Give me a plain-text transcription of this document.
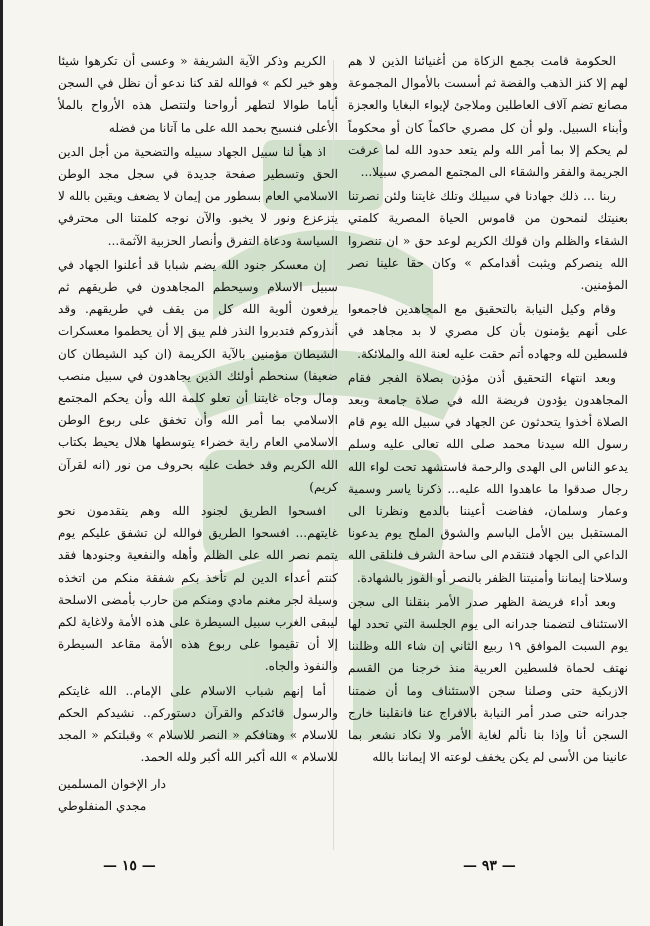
الحكومة قامت بجمع الزكاة من أغنيائنا الذين لا هم لهم إلا كنز الذهب والفضة ثم أسست بالأموال المجموعة مصانع تضم آلاف العاطلين وملاجئ لإيواء البغايا والعجزة وأبناء السبيل. ولو أن كل مصري حاكماً كان أو محكوماً لم يحكم إلا بما أمر الله ولم يتعد حدود الله لما عرفت الجريمة والفقر والشقاء الى المجتمع المصري سبيلا...

ربنا ... ذلك جهادنا في سبيلك وتلك غايتنا ولئن نصرتنا بعنيتك لنمحون من قاموس الحياة المصرية كلمتي الشقاء والظلم وان قولك الكريم لوعد حق « ان تنصروا الله ينصركم ويثبت أقدامكم » وكان حقا علينا نصر المؤمنين.

وقام وكيل النيابة بالتحقيق مع المجاهدين فاجمعوا على أنهم يؤمنون بأن كل مصري لا بد مجاهد في فلسطين لله وجهاده أتم حقت عليه لعنة الله والملائكة.

وبعد انتهاء التحقيق أذن مؤذن بصلاة الفجر فقام المجاهدون يؤدون فريضة الله في صلاة جامعة وبعد الصلاة أخذوا يتحدثون عن الجهاد في سبيل الله يوم قام رسول الله سيدنا محمد صلى الله تعالى عليه وسلم يدعو الناس الى الهدى والرحمة فاستشهد تحت لواء الله رجال صدقوا ما عاهدوا الله عليه... ذكرنا ياسر وسمية وعمار وسلمان، ففاضت أعيننا بالدمع ونظرنا الى المستقبل بين الأمل الباسم والشوق الملح يوم يدعونا الداعي الى الجهاد فنتقدم الى ساحة الشرف فلنلقى الله وسلاحنا إيماننا وأمنيتنا الظفر بالنصر أو الفوز بالشهادة.

وبعد أداء فريضة الظهر صدر الأمر بنقلنا الى سجن الاستئناف لتضمنا جدرانه الى يوم الجلسة التي تحدد لها يوم السبت الموافق ١٩ ربيع الثاني إن شاء الله وظلننا نهتف لحماة فلسطين العربية منذ خرجنا من القسم الازبكية حتى وصلنا سجن الاستئناف وما أن ضمتنا جدرانه حتى صدر أمر النيابة بالافراج عنا فانقلبنا خارج السجن أنا وإذا بنا نألم لغاية الأمر ولا نكاد نشعر بما عانينا من الأسى لم يكن يخفف لوعته الا إيماننا بالله

الكريم وذكر الآية الشريفة « وعسى أن تكرهوا شيئا وهو خير لكم » فوالله لقد كنا ندعو أن نظل في السجن أياما طوالا لتطهر أرواحنا ولتتصل هذه الأرواح بالملأ الأعلى فنسبح بحمد الله على ما آتانا من فضله

اذ هيأ لنا سبيل الجهاد سبيله والتضحية من أجل الدين الحق وتسطير صفحة جديدة في سجل مجد الوطن الاسلامي العام بسطور من إيمان لا يضعف ويقين بالله لا يتزعزع ونور لا يخبو. والآن نوجه كلمتنا الى محترفي السياسة ودعاة التفرق وأنصار الحزبية الآثمة...

إن معسكر جنود الله يضم شبابا قد أعلنوا الجهاد في سبيل الاسلام وسيحطم المجاهدون في طريقهم ثم يرفعون ألوية الله كل من يقف في طريقهم. وقد أنذروكم فتدبروا النذر فلم يبق إلا أن يحطموا معسكرات الشيطان مؤمنين بالآية الكريمة (ان كيد الشيطان كان ضعيفا) سنحطم أولئك الذين يجاهدون في سبيل منصب ومال وجاه غايتنا أن تعلو كلمة الله وأن يحكم المجتمع الاسلامي بما أمر الله وأن تخفق على ربوع الوطن الاسلامي العام راية خضراء يتوسطها هلال يحيط بكتاب الله الكريم وقد خطت عليه بحروف من نور (انه لقرآن كريم)

افسحوا الطريق لجنود الله وهم يتقدمون نحو غايتهم... افسحوا الطريق فوالله لن تشفق عليكم يوم يتمم نصر الله على الظلم وأهله والنفعية وجنودها فقد كنتم أعداء الدين لم تأخذ بكم شفقة منكم من اتخذه وسيلة لجر مغنم مادي ومنكم من حارب بأمضى الاسلحة ليبقى الغرب سبيل السيطرة على هذه الأمة ولاغاية لكم إلا أن تقيموا على ربوع هذه الأمة مقاعد السيطرة والنفوذ والجاه.

أما إنهم شباب الاسلام على الإمام.. الله غايتكم والرسول قائدكم والقرآن دستوركم.. نشيدكم الحكم للاسلام » وهتافكم « النصر للاسلام » وقبلتكم « المجد للاسلام » الله أكبر الله أكبر ولله الحمد.

دار الإخوان المسلمين
مجدي المنفلوطي
— ١٥ —	— ٩٣ —
